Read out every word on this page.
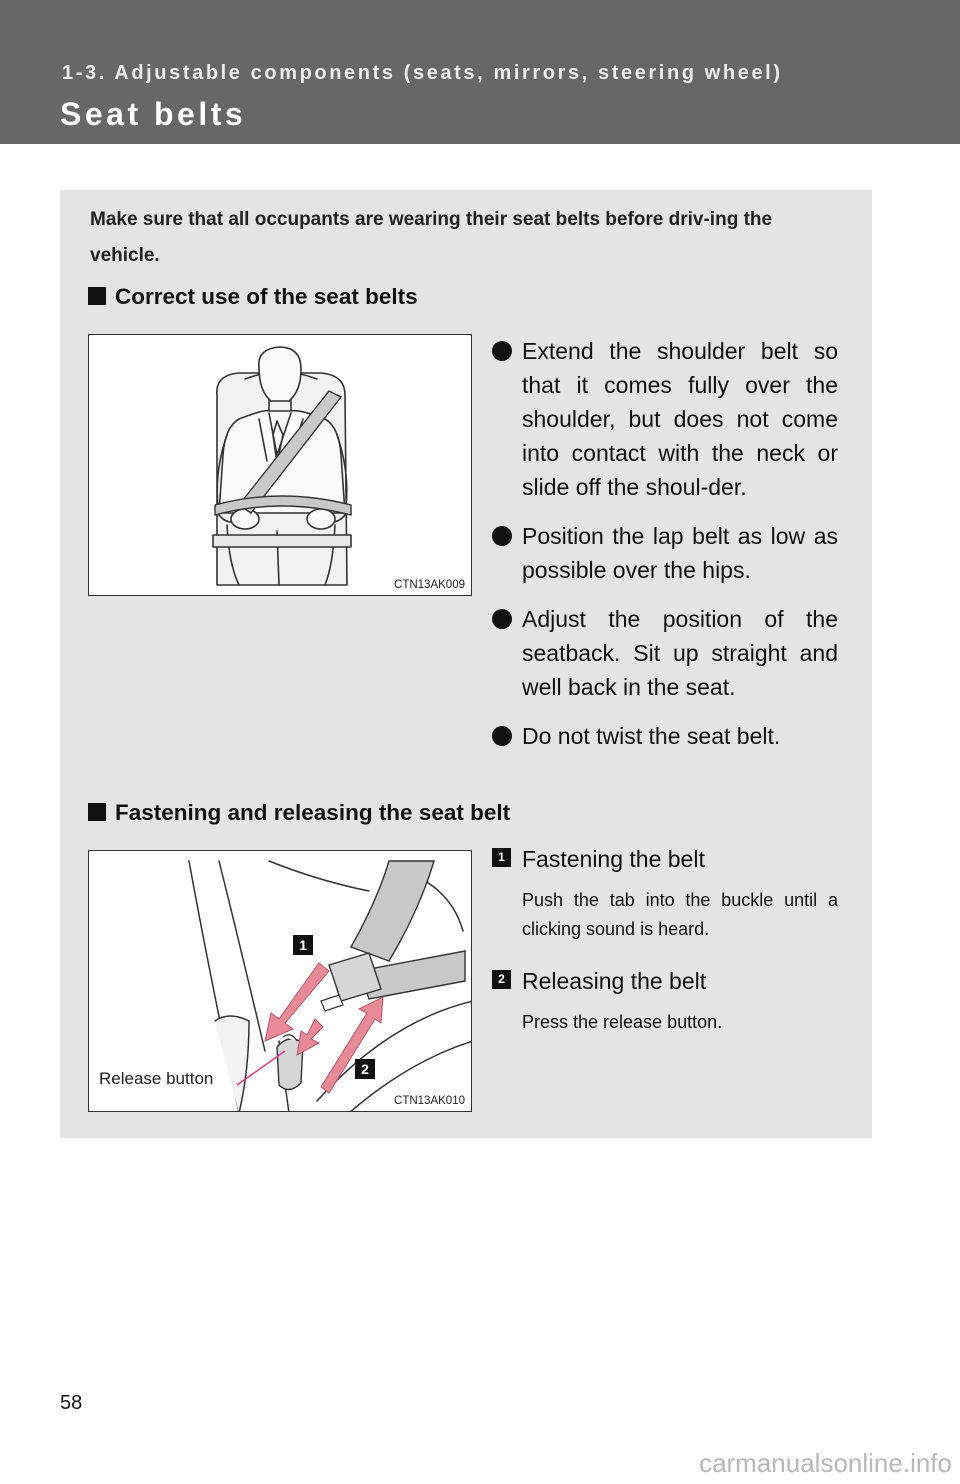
1-3. Adjustable components (seats, mirrors, steering wheel)
Seat belts
Make sure that all occupants are wearing their seat belts before driv-ing the vehicle.
Correct use of the seat belts
CTN13AK009
Extend the shoulder belt so that it comes fully over the shoulder, but does not come into contact with the neck or slide off the shoul-der.
Position the lap belt as low as possible over the hips.
Adjust the position of the seatback. Sit up straight and well back in the seat.
Do not twist the seat belt.
Fastening and releasing the seat belt
1
2
Release button
CTN13AK010
1 Fastening the belt
Push the tab into the buckle until a clicking sound is heard.
2 Releasing the belt
Press the release button.
58
carmanualsonline.info
